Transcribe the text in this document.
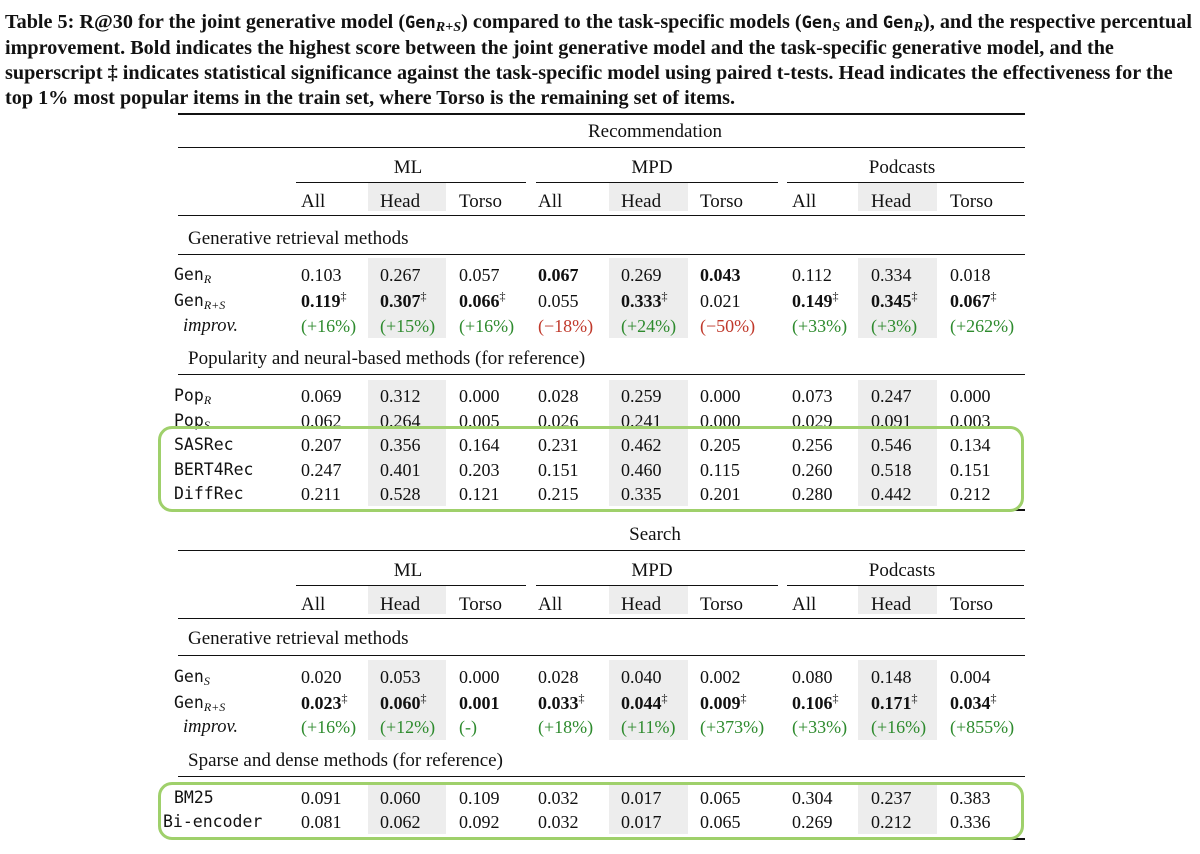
Table 5: R@30 for the joint generative model (Gen$_{R+S}$) compared to the task-specific models (Gen$_S$ and Gen$_R$), and the respective percentual improvement. Bold indicates the highest score between the joint generative model and the task-specific generative model, and the superscript ‡ indicates statistical significance against the task-specific model using paired t-tests. Head indicates the effectiveness for the top 1% most popular items in the train set, where Torso is the remaining set of items.
Recommendation
ML	MPD	Podcasts
All	Head Torso All	Head Torso	All	Head Torso
Generative retrieval methods
Gen$_R$	0.103 0.267 0.057 0.067 0.269 0.043	0.112 0.334 0.018
Gen$_{R+S}$	0.119‡ 0.307‡ 0.066‡ 0.055 0.333‡ 0.021	0.149‡ 0.345‡ 0.067‡
improv.	(+16%) (+15%) (+16%) (−18%) (+24%) (−50%) (+33%) (+3%) (+262%)
Popularity and neural-based methods (for reference)
Pop$_R$	0.069 0.312 0.000 0.028 0.259 0.000	0.073 0.247 0.000
Pop$_S$	0.062 0.264 0.005 0.026 0.241 0.000	0.029 0.091 0.003
SASRec	0.207 0.356 0.164 0.231 0.462 0.205	0.256 0.546 0.134
BERT4Rec	0.247 0.401 0.203 0.151 0.460 0.115	0.260 0.518 0.151
DiffRec	0.211 0.528 0.121 0.215 0.335 0.201	0.280 0.442 0.212
Search
ML	MPD	Podcasts
All	Head Torso All	Head Torso	All	Head Torso
Generative retrieval methods
Gen$_S$	0.020 0.053 0.000 0.028 0.040 0.002	0.080 0.148 0.004
Gen$_{R+S}$	0.023‡ 0.060‡ 0.001 0.033‡ 0.044‡ 0.009‡	0.106‡ 0.171‡ 0.034‡
improv.	(+16%) (+12%) (-)	(+18%) (+11%) (+373%) (+33%) (+16%) (+855%)
Sparse and dense methods (for reference)
BM25	0.091 0.060 0.109 0.032 0.017 0.065	0.304 0.237 0.383
Bi-encoder 0.081 0.062 0.092 0.032 0.017 0.065	0.269 0.212 0.336
